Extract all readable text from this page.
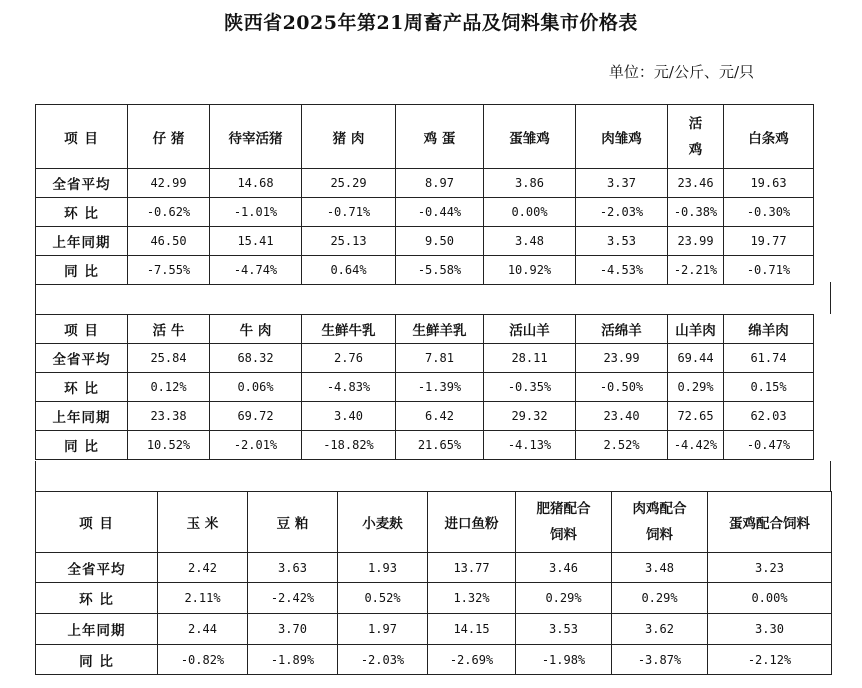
陕西省2025年第21周畜产品及饲料集市价格表
单位：元/公斤、元/只
项 目	仔 猪	待宰活猪	猪 肉	鸡 蛋	蛋雏鸡	肉雏鸡	活 鸡	白条鸡
全省平均	42.99	14.68	25.29	8.97	3.86	3.37	23.46	19.63
环 比	-0.62%	-1.01%	-0.71%	-0.44%	0.00%	-2.03%	-0.38%	-0.30%
上年同期	46.50	15.41	25.13	9.50	3.48	3.53	23.99	19.77
同 比	-7.55%	-4.74%	0.64%	-5.58%	10.92%	-4.53%	-2.21%	-0.71%
项 目	活 牛	牛 肉	生鲜牛乳	生鲜羊乳	活山羊	活绵羊	山羊肉	绵羊肉
全省平均	25.84	68.32	2.76	7.81	28.11	23.99	69.44	61.74
环 比	0.12%	0.06%	-4.83%	-1.39%	-0.35%	-0.50%	0.29%	0.15%
上年同期	23.38	69.72	3.40	6.42	29.32	23.40	72.65	62.03
同 比	10.52%	-2.01%	-18.82%	21.65%	-4.13%	2.52%	-4.42%	-0.47%
项 目	玉 米	豆 粕	小麦麸	进口鱼粉	肥猪配合饲料	肉鸡配合饲料	蛋鸡配合饲料
全省平均	2.42	3.63	1.93	13.77	3.46	3.48	3.23
环 比	2.11%	-2.42%	0.52%	1.32%	0.29%	0.29%	0.00%
上年同期	2.44	3.70	1.97	14.15	3.53	3.62	3.30
同 比	-0.82%	-1.89%	-2.03%	-2.69%	-1.98%	-3.87%	-2.12%
